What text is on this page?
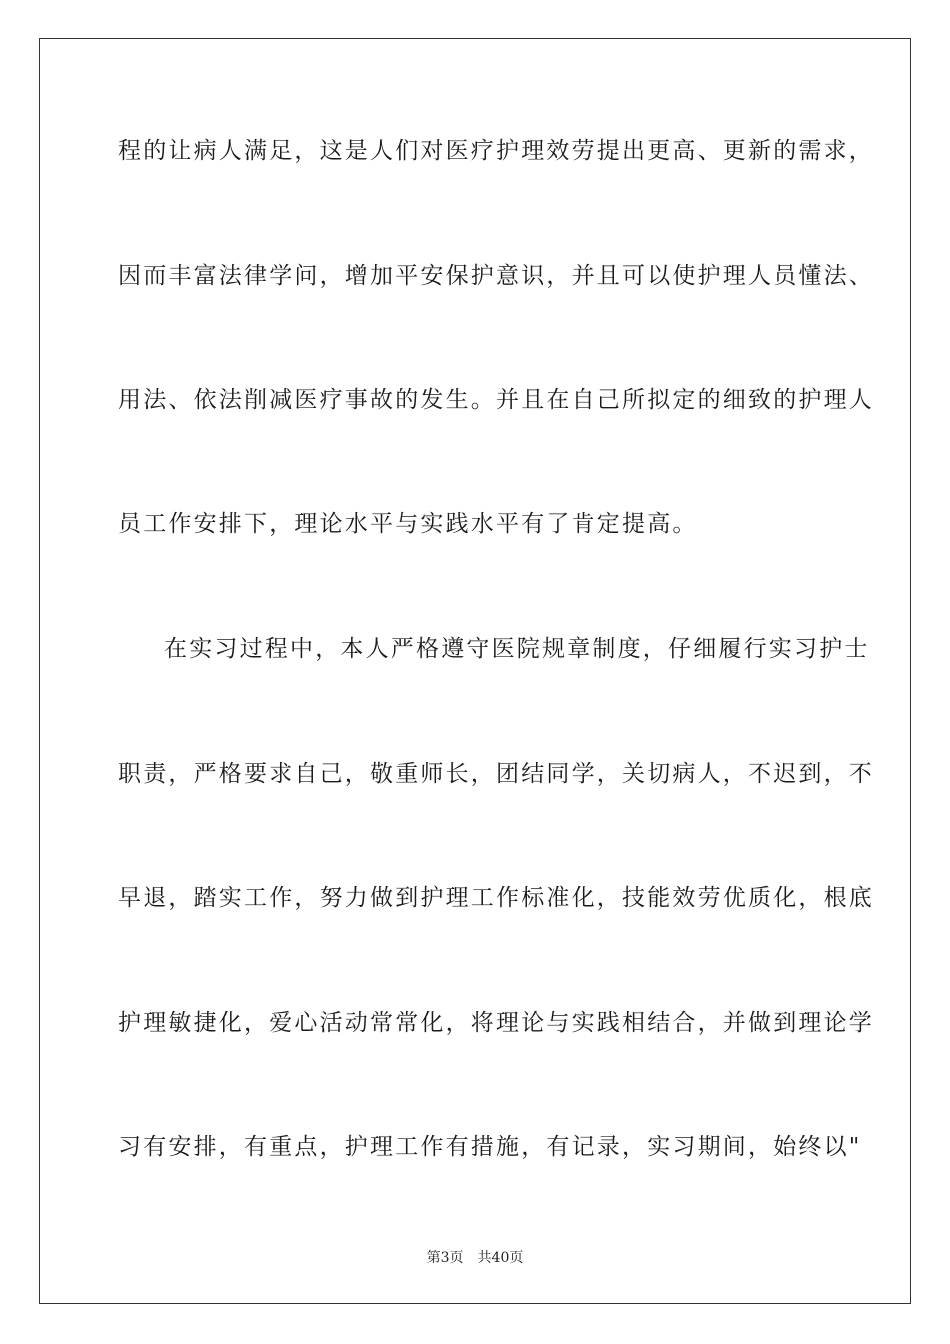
程的让病人满足，这是人们对医疗护理效劳提出更高、更新的需求，
因而丰富法律学问，增加平安保护意识，并且可以使护理人员懂法、
用法、依法削减医疗事故的发生。并且在自己所拟定的细致的护理人
员工作安排下，理论水平与实践水平有了肯定提高。
在实习过程中，本人严格遵守医院规章制度，仔细履行实习护士
职责，严格要求自己，敬重师长，团结同学，关切病人，不迟到，不
早退，踏实工作，努力做到护理工作标准化，技能效劳优质化，根底
护理敏捷化，爱心活动常常化，将理论与实践相结合，并做到理论学
习有安排，有重点，护理工作有措施，有记录，实习期间，始终以"
第3页 共40页
